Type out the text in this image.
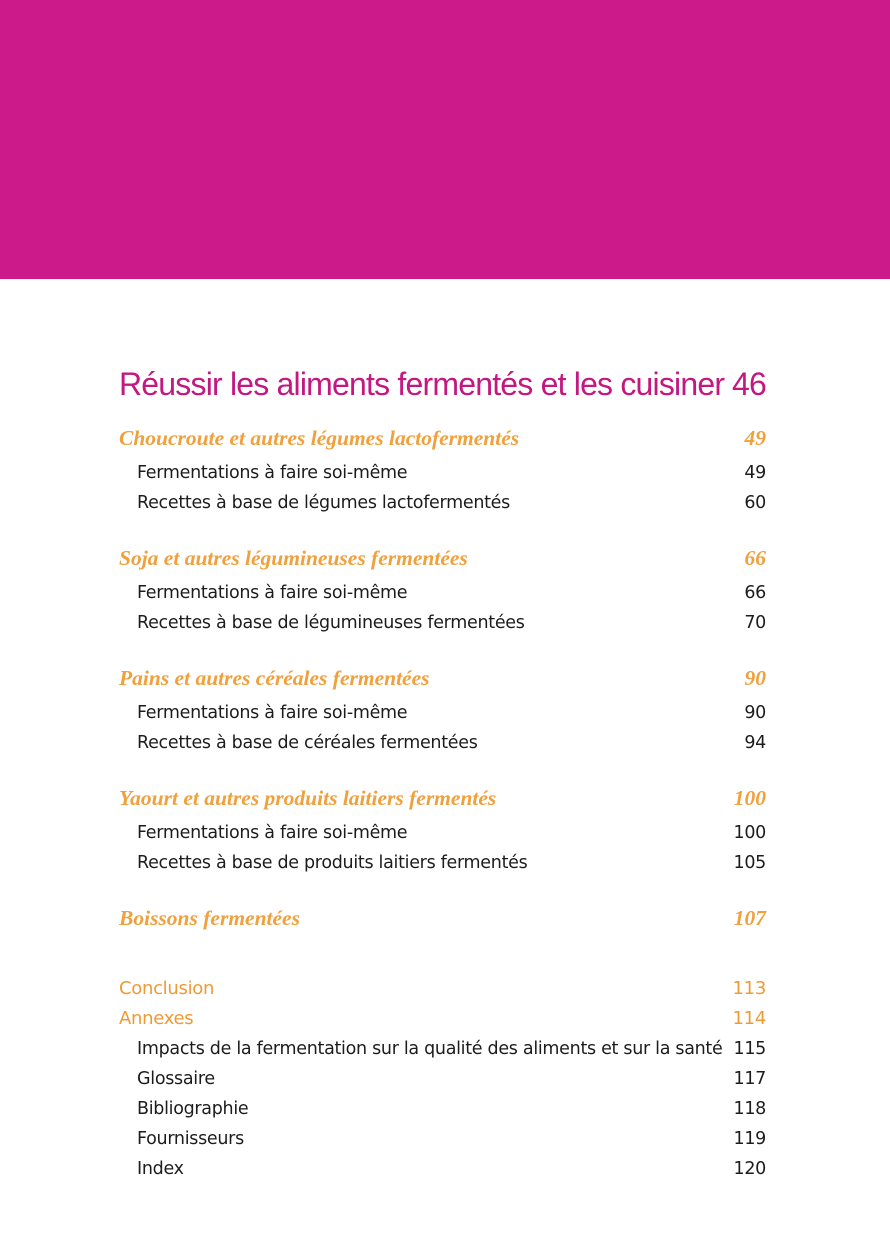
Réussir les aliments fermentés et les cuisiner 46
Choucroute et autres légumes lactofermentés	49
Fermentations à faire soi-même	49
Recettes à base de légumes lactofermentés	60
Soja et autres légumineuses fermentées	66
Fermentations à faire soi-même	66
Recettes à base de légumineuses fermentées	70
Pains et autres céréales fermentées	90
Fermentations à faire soi-même	90
Recettes à base de céréales fermentées	94
Yaourt et autres produits laitiers fermentés	100
Fermentations à faire soi-même	100
Recettes à base de produits laitiers fermentés	105
Boissons fermentées	107
Conclusion	113
Annexes	114
Impacts de la fermentation sur la qualité des aliments et sur la santé 115
Glossaire	117
Bibliographie	118
Fournisseurs	119
Index	120
